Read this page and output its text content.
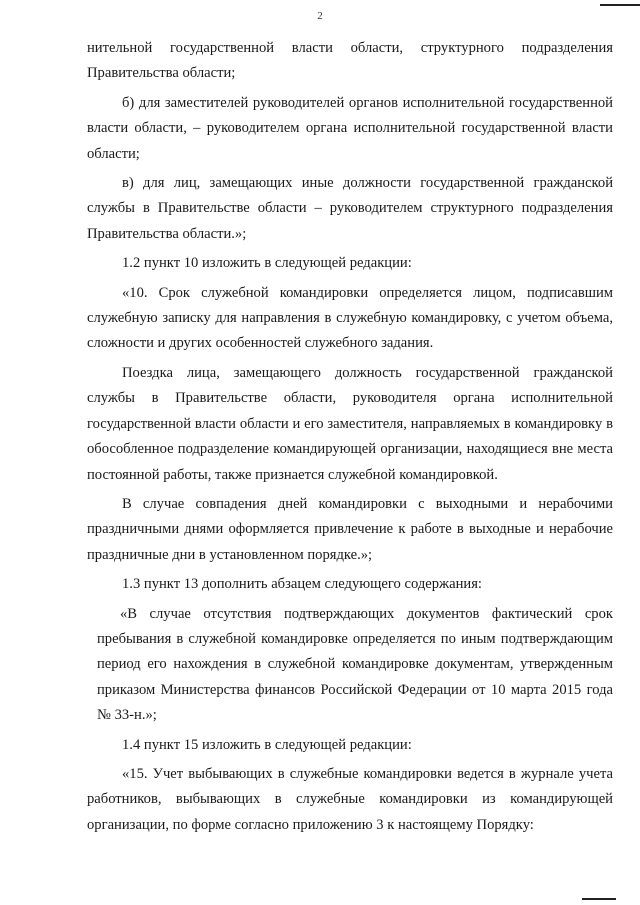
2

нительной государственной власти области, структурного подразделения Правительства области;

б) для заместителей руководителей органов исполнительной государственной власти области, – руководителем органа исполнительной государственной власти области;

в) для лиц, замещающих иные должности государственной гражданской службы в Правительстве области – руководителем структурного подразделения Правительства области.»;

1.2 пункт 10 изложить в следующей редакции:

«10. Срок служебной командировки определяется лицом, подписавшим служебную записку для направления в служебную командировку, с учетом объема, сложности и других особенностей служебного задания.

Поездка лица, замещающего должность государственной гражданской службы в Правительстве области, руководителя органа исполнительной государственной власти области и его заместителя, направляемых в командировку в обособленное подразделение командирующей организации, находящиеся вне места постоянной работы, также признается служебной командировкой.

В случае совпадения дней командировки с выходными и нерабочими праздничными днями оформляется привлечение к работе в выходные и нерабочие праздничные дни в установленном порядке.»;

1.3 пункт 13 дополнить абзацем следующего содержания:

«В случае отсутствия подтверждающих документов фактический срок пребывания в служебной командировке определяется по иным подтверждающим период его нахождения в служебной командировке документам, утвержденным приказом Министерства финансов Российской Федерации от 10 марта 2015 года № 33-н.»;

1.4 пункт 15 изложить в следующей редакции:

«15. Учет выбывающих в служебные командировки ведется в журнале учета работников, выбывающих в служебные командировки из командирующей организации, по форме согласно приложению 3 к настоящему Порядку:
